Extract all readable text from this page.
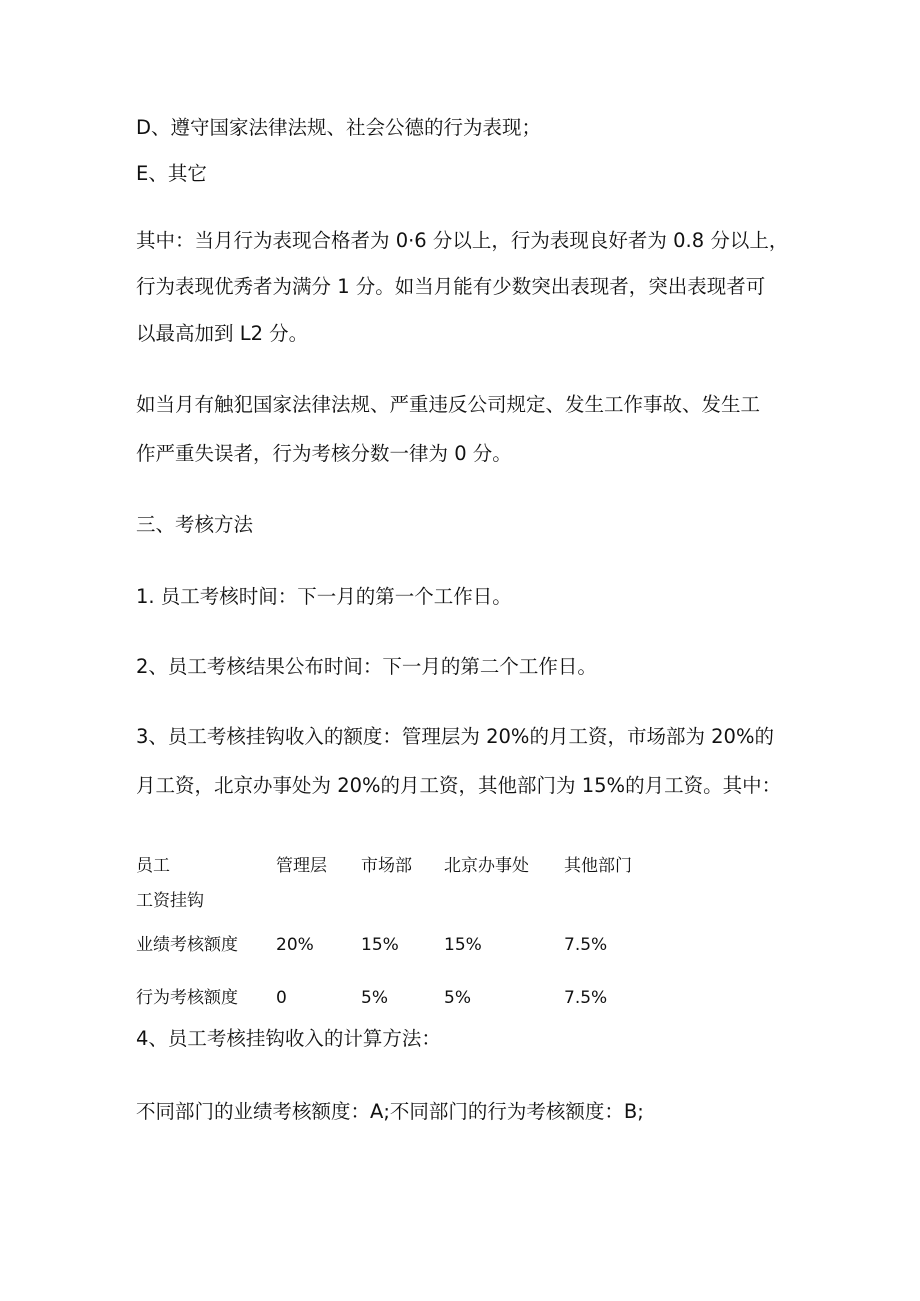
D、遵守国家法律法规、社会公德的行为表现；
E、其它
其中：当月行为表现合格者为 0·6 分以上，行为表现良好者为 0.8 分以上，
行为表现优秀者为满分 1 分。如当月能有少数突出表现者，突出表现者可
以最高加到 L2 分。
如当月有触犯国家法律法规、严重违反公司规定、发生工作事故、发生工
作严重失误者，行为考核分数一律为 0 分。
三、考核方法
1. 员工考核时间：下一月的第一个工作日。
2、员工考核结果公布时间：下一月的第二个工作日。
3、员工考核挂钩收入的额度：管理层为 20%的月工资，市场部为 20%的
月工资，北京办事处为 20%的月工资，其他部门为 15%的月工资。其中：
员工
工资挂钩
管理层 市场部 北京办事处 其他部门
业绩考核额度 20%	15%	15%	7.5%
行为考核额度 0	5%	5%	7.5%
4、员工考核挂钩收入的计算方法：
不同部门的业绩考核额度：A;不同部门的行为考核额度：B;
